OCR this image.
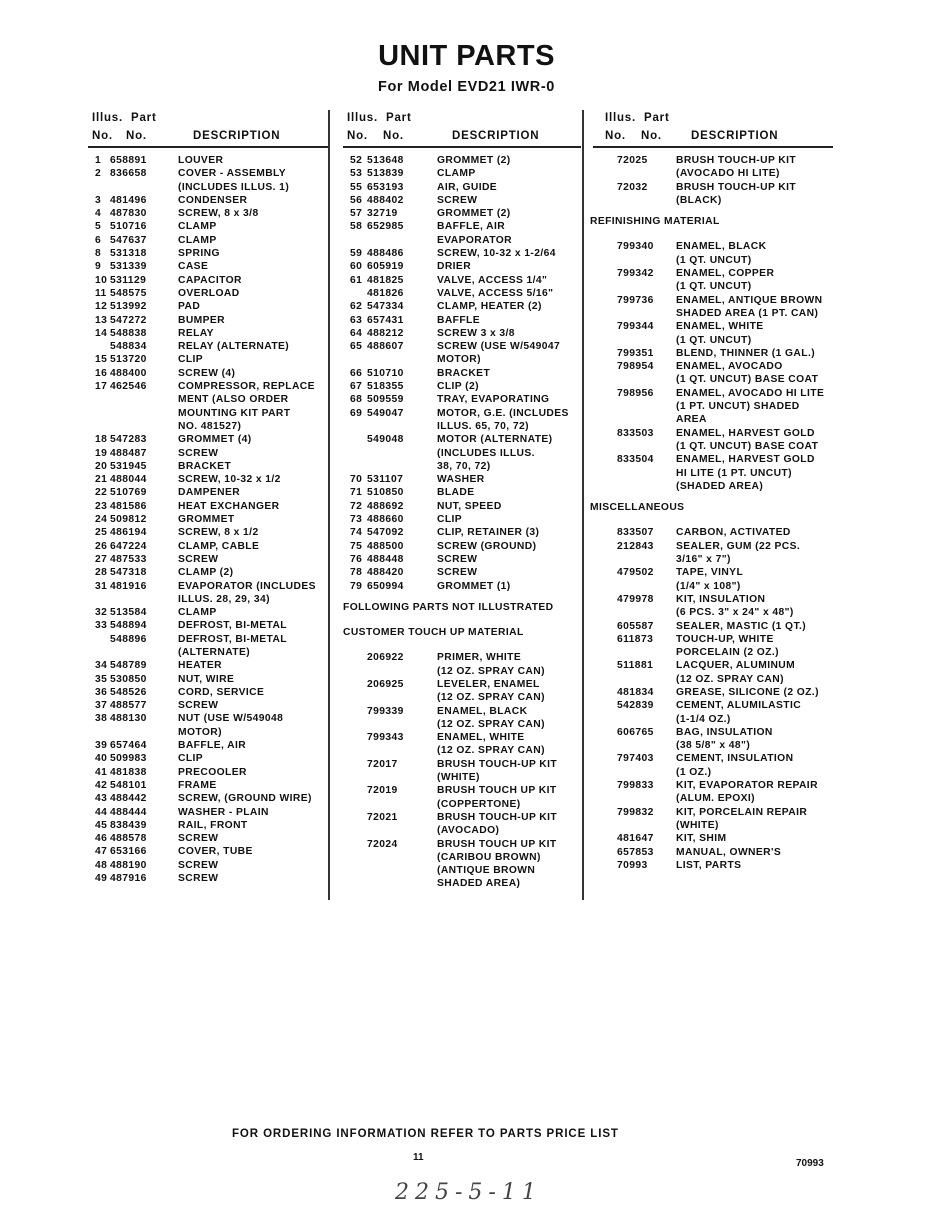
UNIT PARTS
For Model EVD21 IWR-0
Illus. Part
No. No.	DESCRIPTION
1 658891	LOUVER
2 836658	COVER - ASSEMBLY
(INCLUDES ILLUS. 1)
3 481496	CONDENSER
4 487830	SCREW, 8 x 3/8
5 510716	CLAMP
6 547637	CLAMP
8 531318	SPRING
9 531339	CASE
10 531129	CAPACITOR
11 548575	OVERLOAD
12 513992	PAD
13 547272	BUMPER
14 548838	RELAY
548834	RELAY (ALTERNATE)
15 513720	CLIP
16 488400	SCREW (4)
17 462546	COMPRESSOR, REPLACE
MENT (ALSO ORDER
MOUNTING KIT PART
NO. 481527)
18 547283	GROMMET (4)
19 488487	SCREW
20 531945	BRACKET
21 488044	SCREW, 10-32 x 1/2
22 510769	DAMPENER
23 481586	HEAT EXCHANGER
24 509812	GROMMET
25 486194	SCREW, 8 x 1/2
26 647224	CLAMP, CABLE
27 487533	SCREW
28 547318	CLAMP (2)
31 481916	EVAPORATOR (INCLUDES
ILLUS. 28, 29, 34)
32 513584	CLAMP
33 548894	DEFROST, BI-METAL
548896	DEFROST, BI-METAL
(ALTERNATE)
34 548789	HEATER
35 530850	NUT, WIRE
36 548526	CORD, SERVICE
37 488577	SCREW
38 488130	NUT (USE W/549048 MOTOR)
39 657464	BAFFLE, AIR
40 509983	CLIP
41 481838	PRECOOLER
42 548101	FRAME
43 488442	SCREW, (GROUND WIRE)
44 488444	WASHER - PLAIN
45 838439	RAIL, FRONT
46 488578	SCREW
47 653166	COVER, TUBE
48 488190	SCREW
49 487916	SCREW
Illus. Part
No. No.	DESCRIPTION
52 513648	GROMMET (2)
53 513839	CLAMP
55 653193	AIR, GUIDE
56 488402	SCREW
57 32719	GROMMET (2)
58 652985	BAFFLE, AIR
EVAPORATOR
59 488486	SCREW, 10-32 x 1-2/64
60 605919	DRIER
61 481825	VALVE, ACCESS 1/4"
481826	VALVE, ACCESS 5/16"
62 547334	CLAMP, HEATER (2)
63 657431	BAFFLE
64 488212	SCREW 3 x 3/8
65 488607	SCREW (USE W/549047
MOTOR)
66 510710	BRACKET
67 518355	CLIP (2)
68 509559	TRAY, EVAPORATING
69 549047	MOTOR, G.E. (INCLUDES
ILLUS. 65, 70, 72)
549048	MOTOR (ALTERNATE)
(INCLUDES ILLUS.
38, 70, 72)
70 531107	WASHER
71 510850	BLADE
72 488692	NUT, SPEED
73 488660	CLIP
74 547092	CLIP, RETAINER (3)
75 488500	SCREW (GROUND)
76 488448	SCREW
78 488420	SCREW
79 650994	GROMMET (1)
FOLLOWING PARTS NOT ILLUSTRATED
CUSTOMER TOUCH UP MATERIAL
206922	PRIMER, WHITE
(12 OZ. SPRAY CAN)
206925	LEVELER, ENAMEL
(12 OZ. SPRAY CAN)
799339	ENAMEL, BLACK
(12 OZ. SPRAY CAN)
799343	ENAMEL, WHITE
(12 OZ. SPRAY CAN)
72017	BRUSH TOUCH-UP KIT
(WHITE)
72019	BRUSH TOUCH UP KIT
(COPPERTONE)
72021	BRUSH TOUCH-UP KIT
(AVOCADO)
72024	BRUSH TOUCH UP KIT
(CARIBOU BROWN)
(ANTIQUE BROWN
SHADED AREA)
Illus. Part
No. No.	DESCRIPTION
72025	BRUSH TOUCH-UP KIT
(AVOCADO HI LITE)
72032	BRUSH TOUCH-UP KIT
(BLACK)
REFINISHING MATERIAL
799340 ENAMEL, BLACK
(1 QT. UNCUT)
799342 ENAMEL, COPPER
(1 QT. UNCUT)
799736 ENAMEL, ANTIQUE BROWN
SHADED AREA (1 PT. CAN)
799344 ENAMEL, WHITE
(1 QT. UNCUT)
799351 BLEND, THINNER (1 GAL.)
798954 ENAMEL, AVOCADO
(1 QT. UNCUT) BASE COAT
798956 ENAMEL, AVOCADO HI LITE
(1 PT. UNCUT) SHADED AREA
833503 ENAMEL, HARVEST GOLD
(1 QT. UNCUT) BASE COAT
833504 ENAMEL, HARVEST GOLD
HI LITE (1 PT. UNCUT)
(SHADED AREA)
MISCELLANEOUS
833507 CARBON, ACTIVATED
212843 SEALER, GUM (22 PCS.
3/16" x 7")
479502 TAPE, VINYL
(1/4" x 108")
479978 KIT, INSULATION
(6 PCS. 3" x 24" x 48")
605587 SEALER, MASTIC (1 QT.)
611873 TOUCH-UP, WHITE
PORCELAIN (2 OZ.)
511881 LACQUER, ALUMINUM
(12 OZ. SPRAY CAN)
481834 GREASE, SILICONE (2 OZ.)
542839 CEMENT, ALUMILASTIC
(1-1/4 OZ.)
606765 BAG, INSULATION
(38 5/8" x 48")
797403 CEMENT, INSULATION
(1 OZ.)
799833 KIT, EVAPORATOR REPAIR
(ALUM. EPOXI)
799832 KIT, PORCELAIN REPAIR
(WHITE)
481647 KIT, SHIM
657853 MANUAL, OWNER'S
70993	LIST, PARTS
FOR ORDERING INFORMATION REFER TO PARTS PRICE LIST
11
70993
225-5-11
